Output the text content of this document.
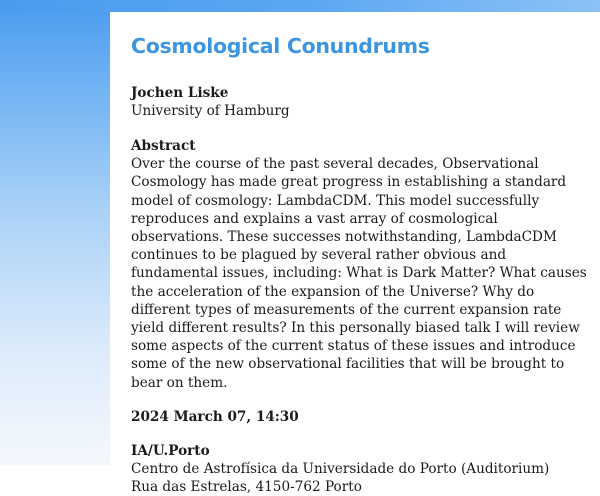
Cosmological Conundrums
Jochen Liske
University of Hamburg
Abstract
Over the course of the past several decades, Observational Cosmology has made great progress in establishing a standard model of cosmology: LambdaCDM. This model successfully reproduces and explains a vast array of cosmological observations. These successes notwithstanding, LambdaCDM continues to be plagued by several rather obvious and fundamental issues, including: What is Dark Matter? What causes the acceleration of the expansion of the Universe? Why do different types of measurements of the current expansion rate yield different results? In this personally biased talk I will review some aspects of the current status of these issues and introduce some of the new observational facilities that will be brought to bear on them.
2024 March 07, 14:30
IA/U.Porto
Centro de Astrofísica da Universidade do Porto (Auditorium)
Rua das Estrelas, 4150-762 Porto
